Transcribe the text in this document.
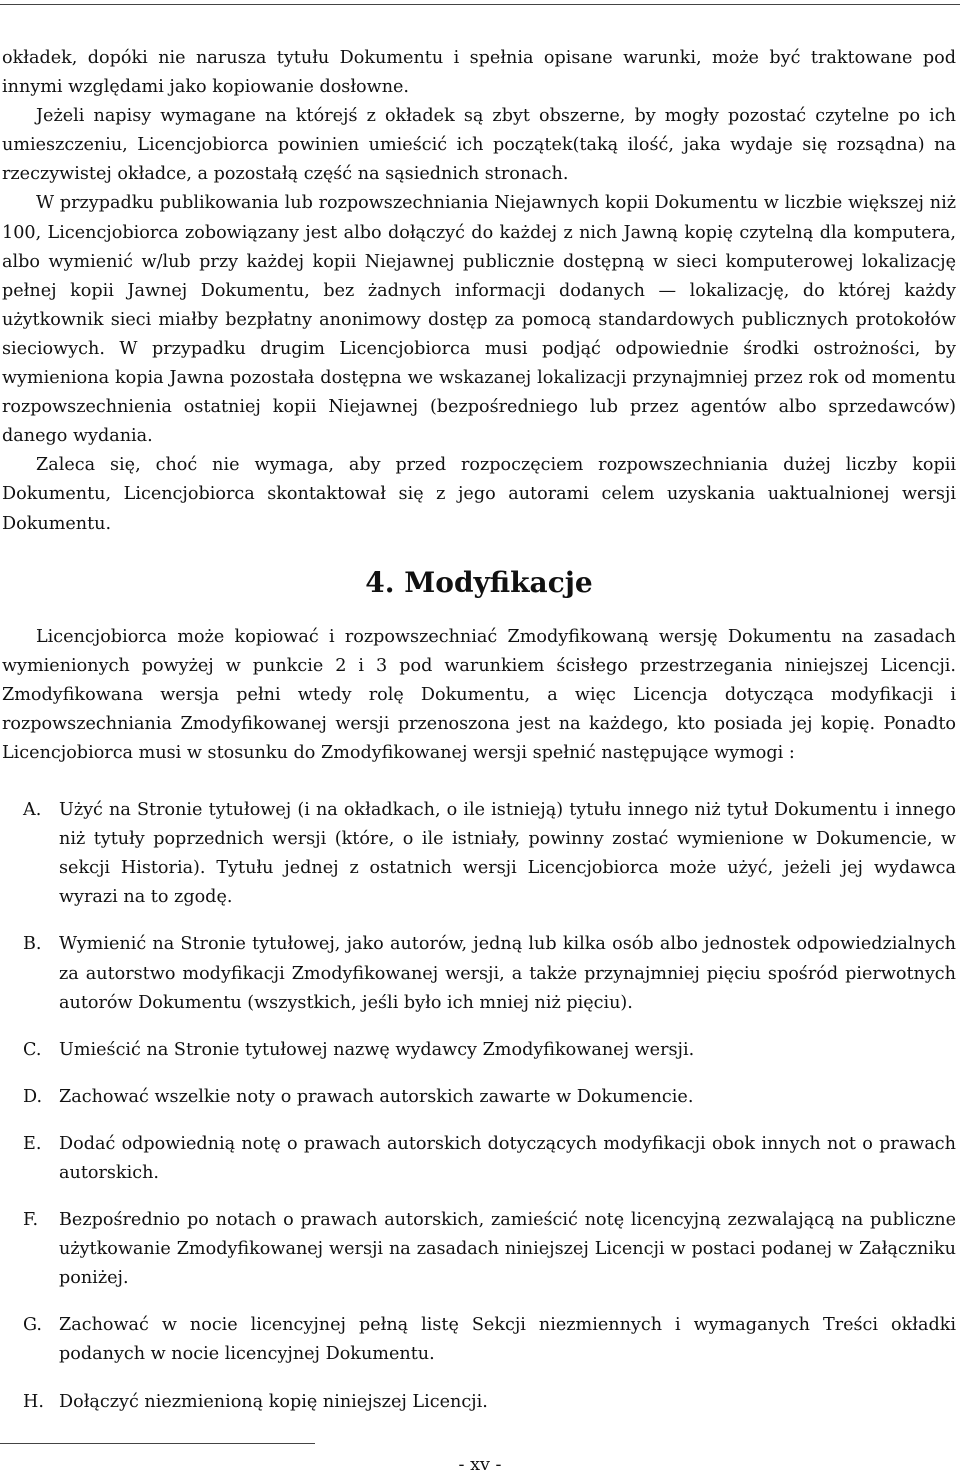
okładek, dopóki nie narusza tytułu Dokumentu i spełnia opisane warunki, może być traktowane pod innymi względami jako kopiowanie dosłowne.

Jeżeli napisy wymagane na którejś z okładek są zbyt obszerne, by mogły pozostać czytelne po ich umieszczeniu, Licencjobiorca powinien umieścić ich początek(taką ilość, jaka wydaje się rozsądna) na rzeczywistej okładce, a pozostałą część na sąsiednich stronach.

W przypadku publikowania lub rozpowszechniania Niejawnych kopii Dokumentu w liczbie większej niż 100, Licencjobiorca zobowiązany jest albo dołączyć do każdej z nich Jawną kopię czytelną dla komputera, albo wymienić w/lub przy każdej kopii Niejawnej publicznie dostępną w sieci komputerowej lokalizację pełnej kopii Jawnej Dokumentu, bez żadnych informacji dodanych — lokalizację, do której każdy użytkownik sieci miałby bezpłatny anonimowy dostęp za pomocą standardowych publicznych protokołów sieciowych. W przypadku drugim Licencjobiorca musi podjąć odpowiednie środki ostrożności, by wymieniona kopia Jawna pozostała dostępna we wskazanej lokalizacji przynajmniej przez rok od momentu rozpowszechnienia ostatniej kopii Niejawnej (bezpośredniego lub przez agentów albo sprzedawców) danego wydania.

Zaleca się, choć nie wymaga, aby przed rozpoczęciem rozpowszechniania dużej liczby kopii Dokumentu, Licencjobiorca skontaktował się z jego autorami celem uzyskania uaktualnionej wersji Dokumentu.

4. Modyfikacje

Licencjobiorca może kopiować i rozpowszechniać Zmodyfikowaną wersję Dokumentu na zasadach wymienionych powyżej w punkcie 2 i 3 pod warunkiem ścisłego przestrzegania niniejszej Licencji. Zmodyfikowana wersja pełni wtedy rolę Dokumentu, a więc Licencja dotycząca modyfikacji i rozpowszechniania Zmodyfikowanej wersji przenoszona jest na każdego, kto posiada jej kopię. Ponadto Licencjobiorca musi w stosunku do Zmodyfikowanej wersji spełnić następujące wymogi :

A. Użyć na Stronie tytułowej (i na okładkach, o ile istnieją) tytułu innego niż tytuł Dokumentu i innego niż tytuły poprzednich wersji (które, o ile istniały, powinny zostać wymienione w Dokumencie, w sekcji Historia). Tytułu jednej z ostatnich wersji Licencjobiorca może użyć, jeżeli jej wydawca wyrazi na to zgodę.
B. Wymienić na Stronie tytułowej, jako autorów, jedną lub kilka osób albo jednostek odpowiedzialnych za autorstwo modyfikacji Zmodyfikowanej wersji, a także przynajmniej pięciu spośród pierwotnych autorów Dokumentu (wszystkich, jeśli było ich mniej niż pięciu).
C. Umieścić na Stronie tytułowej nazwę wydawcy Zmodyfikowanej wersji.
D. Zachować wszelkie noty o prawach autorskich zawarte w Dokumencie.
E. Dodać odpowiednią notę o prawach autorskich dotyczących modyfikacji obok innych not o prawach autorskich.
F. Bezpośrednio po notach o prawach autorskich, zamieścić notę licencyjną zezwalającą na publiczne użytkowanie Zmodyfikowanej wersji na zasadach niniejszej Licencji w postaci podanej w Załączniku poniżej.
G. Zachować w nocie licencyjnej pełną listę Sekcji niezmiennych i wymaganych Treści okładki podanych w nocie licencyjnej Dokumentu.
H. Dołączyć niezmienioną kopię niniejszej Licencji.
- xv -
